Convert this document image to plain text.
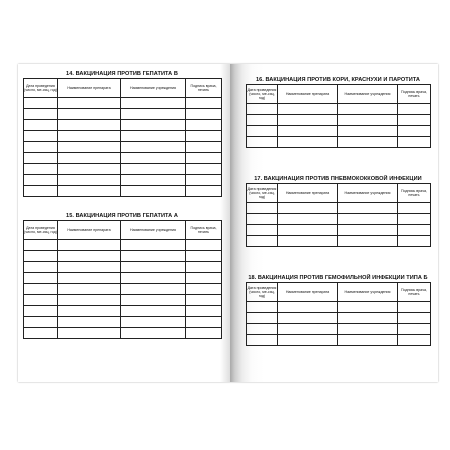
14. ВАКЦИНАЦИЯ ПРОТИВ ГЕПАТИТА В
Дата проведения (число, ме-сяц, год)	Наименование препарата	Наименование учреждения	Подпись врача, печать

15. ВАКЦИНАЦИЯ ПРОТИВ ГЕПАТИТА А
Дата проведения (число, ме-сяц, год)	Наименование препарата	Наименование учреждения	Подпись врача, печать

16. ВАКЦИНАЦИЯ ПРОТИВ КОРИ, КРАСНУХИ И ПАРОТИТА
Дата проведения (число, ме-сяц, год)	Наименование препарата	Наименование учреждения	Подпись врача, печать

17. ВАКЦИНАЦИЯ ПРОТИВ ПНЕВМОКОККОВОЙ ИНФЕКЦИИ
Дата проведения (число, ме-сяц, год)	Наименование препарата	Наименование учреждения	Подпись врача, печать

18. ВАКЦИНАЦИЯ ПРОТИВ ГЕМОФИЛЬНОЙ ИНФЕКЦИИ ТИПА Б
Дата проведения (число, ме-сяц, год)	Наименование препарата	Наименование учреждения	Подпись врача, печать
